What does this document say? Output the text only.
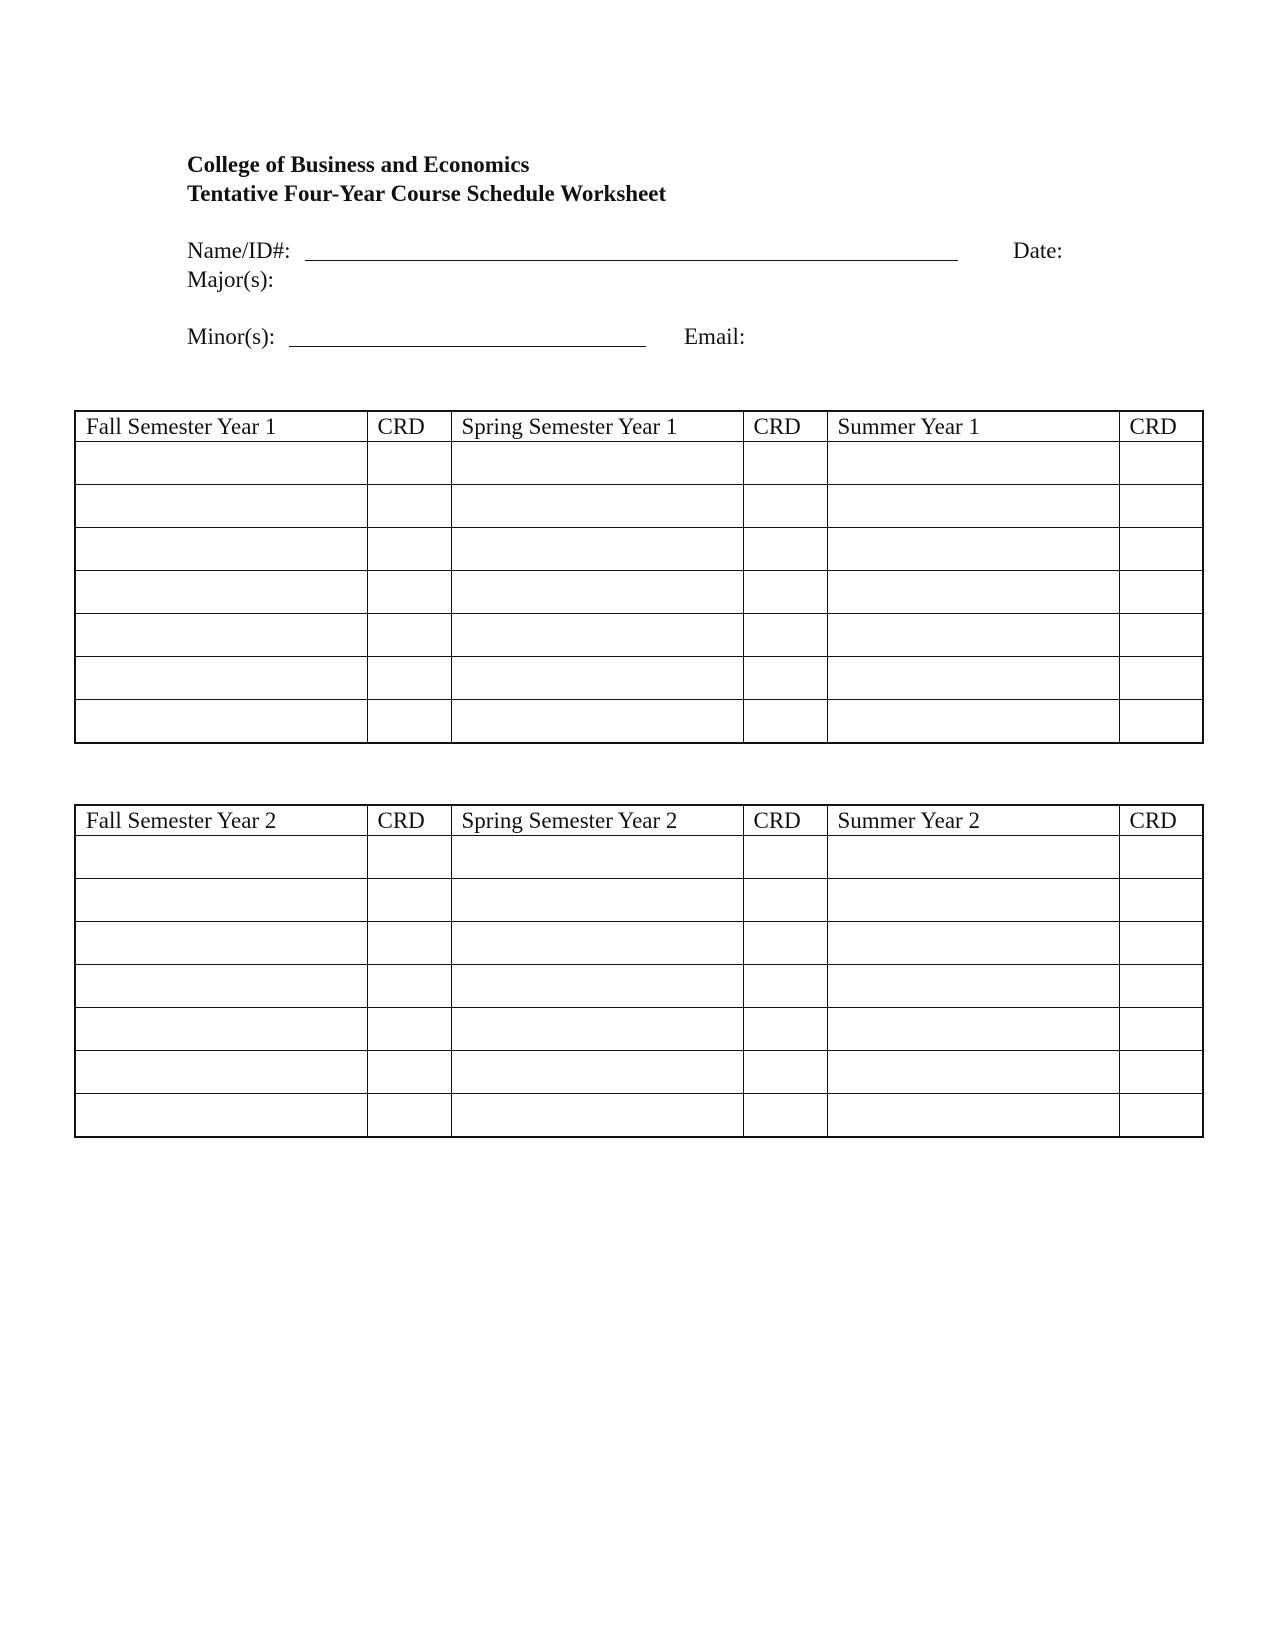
College of Business and Economics
Tentative Four-Year Course Schedule Worksheet
Name/ID#:	Date:
Major(s):
Minor(s):	Email:
Fall Semester Year 1	CRD	Spring Semester Year 1	CRD	Summer Year 1	CRD

Fall Semester Year 2	CRD	Spring Semester Year 2	CRD	Summer Year 2	CRD
